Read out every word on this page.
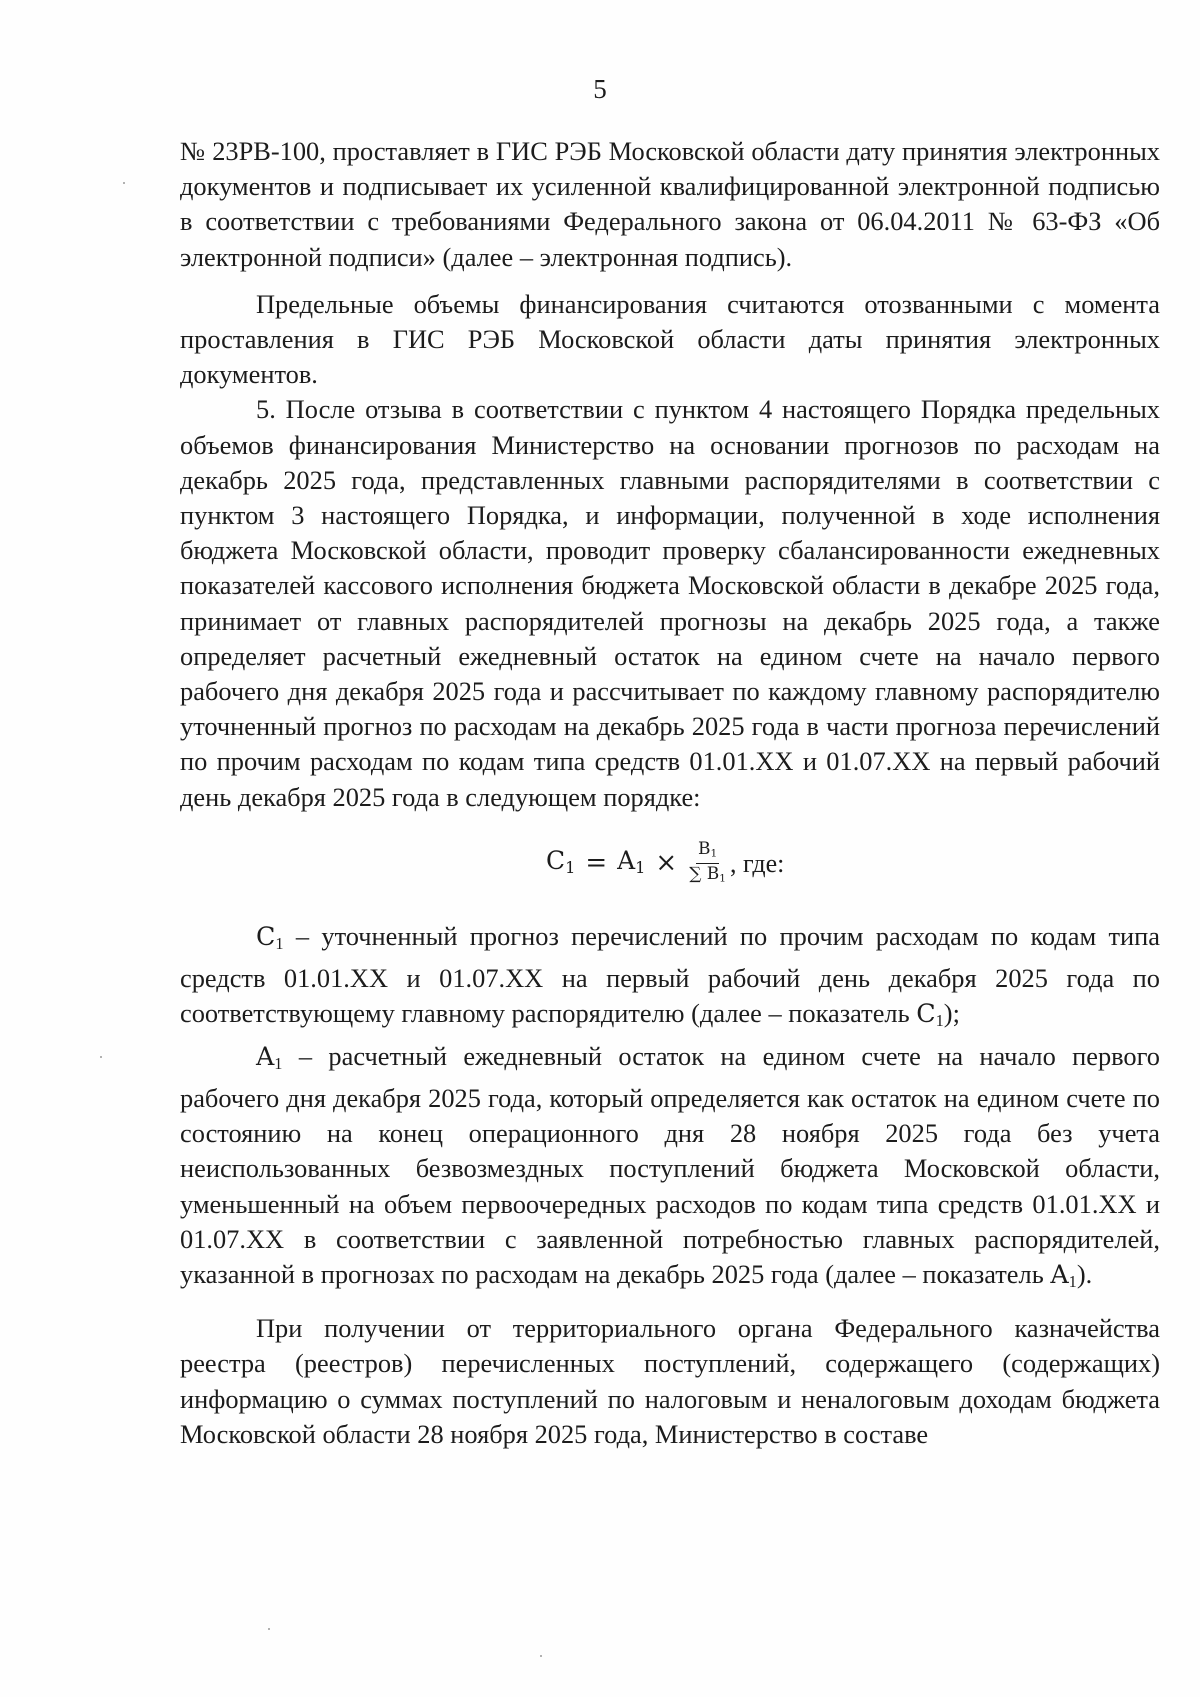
5

№ 23РВ-100, проставляет в ГИС РЭБ Московской области дату принятия электронных документов и подписывает их усиленной квалифицированной электронной подписью в соответствии с требованиями Федерального закона от 06.04.2011 № 63-ФЗ «Об электронной подписи» (далее – электронная подпись).

Предельные объемы финансирования считаются отозванными с момента проставления в ГИС РЭБ Московской области даты принятия электронных документов.

5. После отзыва в соответствии с пунктом 4 настоящего Порядка предельных объемов финансирования Министерство на основании прогнозов по расходам на декабрь 2025 года, представленных главными распорядителями в соответствии с пунктом 3 настоящего Порядка, и информации, полученной в ходе исполнения бюджета Московской области, проводит проверку сбалансированности ежедневных показателей кассового исполнения бюджета Московской области в декабре 2025 года, принимает от главных распорядителей прогнозы на декабрь 2025 года, а также определяет расчетный ежедневный остаток на едином счете на начало первого рабочего дня декабря 2025 года и рассчитывает по каждому главному распорядителю уточненный прогноз по расходам на декабрь 2025 года в части прогноза перечислений по прочим расходам по кодам типа средств 01.01.ХХ и 01.07.ХХ на первый рабочий день декабря 2025 года в следующем порядке:

$C_1 = A_1 \times \frac{B_1}{\sum B_1}$ , где:

$C_1$ – уточненный прогноз перечислений по прочим расходам по кодам типа средств 01.01.ХХ и 01.07.ХХ на первый рабочий день декабря 2025 года по соответствующему главному распорядителю (далее – показатель $C_1$);

$A_1$ – расчетный ежедневный остаток на едином счете на начало первого рабочего дня декабря 2025 года, который определяется как остаток на едином счете по состоянию на конец операционного дня 28 ноября 2025 года без учета неиспользованных безвозмездных поступлений бюджета Московской области, уменьшенный на объем первоочередных расходов по кодам типа средств 01.01.ХХ и 01.07.ХХ в соответствии с заявленной потребностью главных распорядителей, указанной в прогнозах по расходам на декабрь 2025 года (далее – показатель $A_1$).

При получении от территориального органа Федерального казначейства реестра (реестров) перечисленных поступлений, содержащего (содержащих) информацию о суммах поступлений по налоговым и неналоговым доходам бюджета Московской области 28 ноября 2025 года, Министерство в составе
